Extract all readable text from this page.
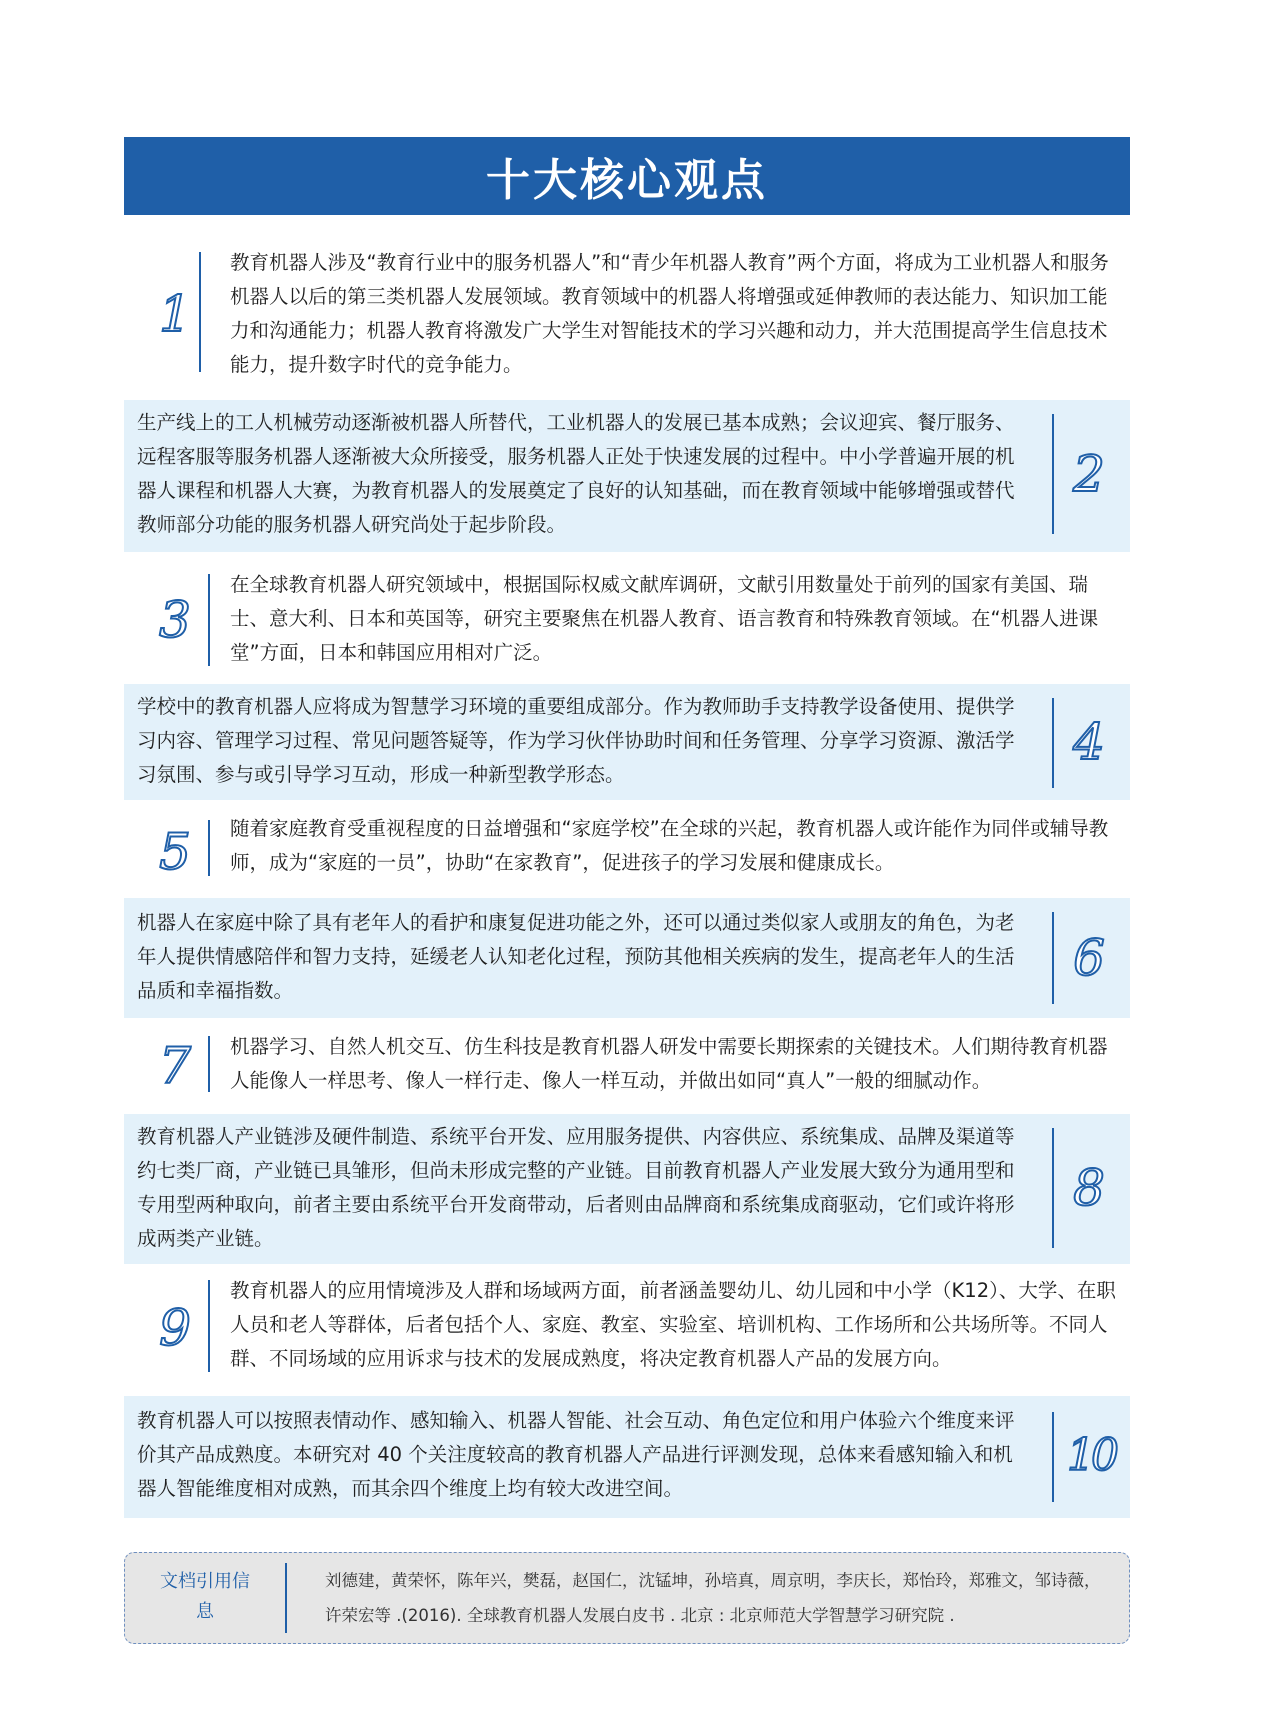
十大核心观点
1
教育机器人涉及“教育行业中的服务机器人”和“青少年机器人教育”两个方面，将成为工业机器人和服务机器人以后的第三类机器人发展领域。教育领域中的机器人将增强或延伸教师的表达能力、知识加工能力和沟通能力；机器人教育将激发广大学生对智能技术的学习兴趣和动力，并大范围提高学生信息技术能力，提升数字时代的竞争能力。
生产线上的工人机械劳动逐渐被机器人所替代，工业机器人的发展已基本成熟；会议迎宾、餐厅服务、远程客服等服务机器人逐渐被大众所接受，服务机器人正处于快速发展的过程中。中小学普遍开展的机器人课程和机器人大赛，为教育机器人的发展奠定了良好的认知基础，而在教育领域中能够增强或替代教师部分功能的服务机器人研究尚处于起步阶段。
2
3
在全球教育机器人研究领域中，根据国际权威文献库调研，文献引用数量处于前列的国家有美国、瑞士、意大利、日本和英国等，研究主要聚焦在机器人教育、语言教育和特殊教育领域。在“机器人进课堂”方面，日本和韩国应用相对广泛。
学校中的教育机器人应将成为智慧学习环境的重要组成部分。作为教师助手支持教学设备使用、提供学习内容、管理学习过程、常见问题答疑等，作为学习伙伴协助时间和任务管理、分享学习资源、激活学习氛围、参与或引导学习互动，形成一种新型教学形态。
4
5	随着家庭教育受重视程度的日益增强和“家庭学校”在全球的兴起，教育机器人或许能作为同伴或辅导教师，成为“家庭的一员”，协助“在家教育”，促进孩子的学习发展和健康成长。
机器人在家庭中除了具有老年人的看护和康复促进功能之外，还可以通过类似家人或朋友的角色，为老年人提供情感陪伴和智力支持，延缓老人认知老化过程，预防其他相关疾病的发生，提高老年人的生活品质和幸福指数。
6
7	机器学习、自然人机交互、仿生科技是教育机器人研发中需要长期探索的关键技术。人们期待教育机器人能像人一样思考、像人一样行走、像人一样互动，并做出如同“真人”一般的细腻动作。
教育机器人产业链涉及硬件制造、系统平台开发、应用服务提供、内容供应、系统集成、品牌及渠道等约七类厂商，产业链已具雏形，但尚未形成完整的产业链。目前教育机器人产业发展大致分为通用型和专用型两种取向，前者主要由系统平台开发商带动，后者则由品牌商和系统集成商驱动，它们或许将形成两类产业链。
8
9
教育机器人的应用情境涉及人群和场域两方面，前者涵盖婴幼儿、幼儿园和中小学（K12）、大学、在职人员和老人等群体，后者包括个人、家庭、教室、实验室、培训机构、工作场所和公共场所等。不同人群、不同场域的应用诉求与技术的发展成熟度，将决定教育机器人产品的发展方向。
教育机器人可以按照表情动作、感知输入、机器人智能、社会互动、角色定位和用户体验六个维度来评价其产品成熟度。本研究对 40 个关注度较高的教育机器人产品进行评测发现，总体来看感知输入和机器人智能维度相对成熟，而其余四个维度上均有较大改进空间。
10
文档引用信息
刘德建，黄荣怀，陈年兴，樊磊，赵国仁，沈锰坤，孙培真，周京明，李庆长，郑怡玲，郑雅文，邹诗薇，许荣宏等 .(2016). 全球教育机器人发展白皮书 . 北京 : 北京师范大学智慧学习研究院 .
